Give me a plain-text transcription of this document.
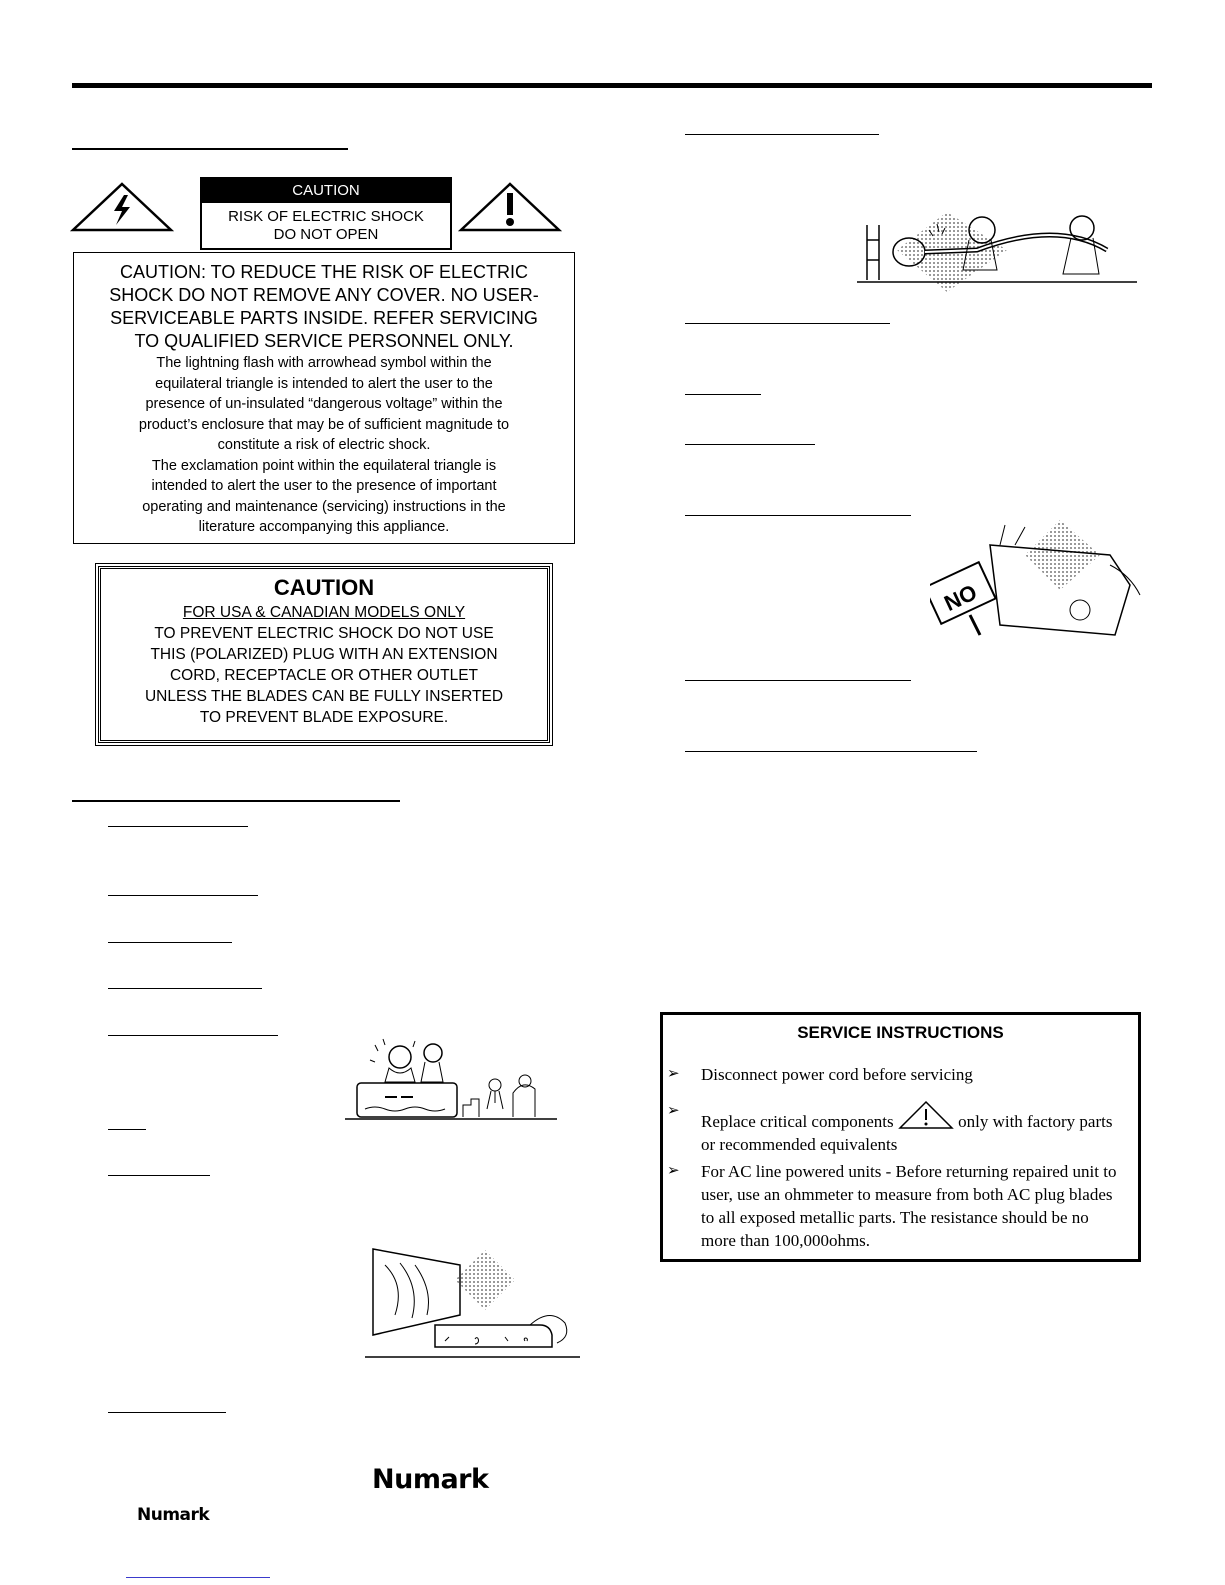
CAUTION
RISK OF ELECTRIC SHOCK
DO NOT OPEN
CAUTION: TO REDUCE THE RISK OF ELECTRIC
SHOCK DO NOT REMOVE ANY COVER. NO USER-
SERVICEABLE PARTS INSIDE. REFER SERVICING
TO QUALIFIED SERVICE PERSONNEL ONLY.
The lightning flash with arrowhead symbol within the
equilateral triangle is intended to alert the user to the
presence of un-insulated “dangerous voltage” within the
product’s enclosure that may be of sufficient magnitude to
constitute a risk of electric shock.
The exclamation point within the equilateral triangle is
intended to alert the user to the presence of important
operating and maintenance (servicing) instructions in the
literature accompanying this appliance.
CAUTION
FOR USA & CANADIAN MODELS ONLY
TO PREVENT ELECTRIC SHOCK DO NOT USE
THIS (POLARIZED) PLUG WITH AN EXTENSION
CORD, RECEPTACLE OR OTHER OUTLET
UNLESS THE BLADES CAN BE FULLY INSERTED
TO PREVENT BLADE EXPOSURE.
Numark
Numark
NO
SERVICE INSTRUCTIONS
➢ Disconnect power cord before servicing
➢
Replace critical components	only with factory parts or recommended equivalents
➢ For AC line powered units - Before returning repaired unit to user, use an ohmmeter to measure from both AC plug blades to all exposed metallic parts. The resistance should be no more than 100,000ohms.
